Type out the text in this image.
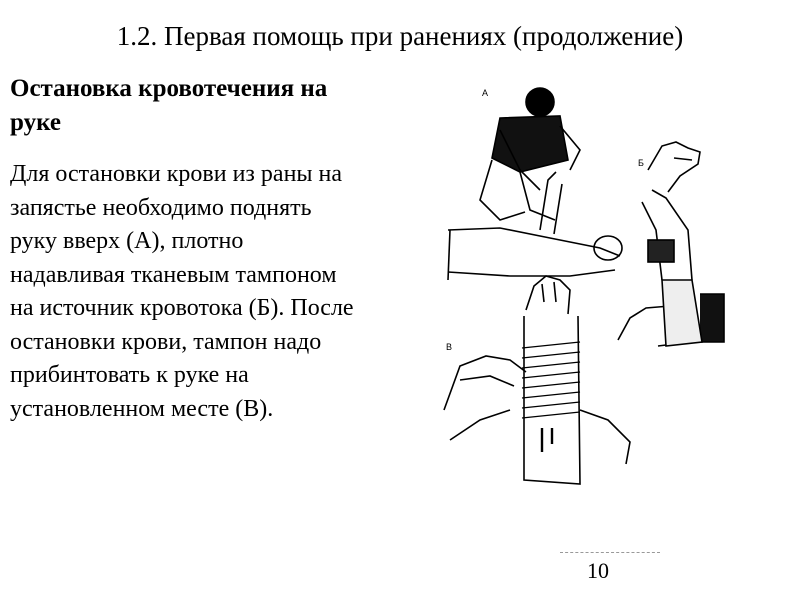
1.2. Первая помощь при ранениях (продолжение)
Остановка кровотечения на руке
Для остановки крови из раны на запястье необходимо поднять руку вверх (А), плотно надавливая тканевым тампоном на источник кровотока (Б). После остановки крови, тампон надо прибинтовать к руке на установленном месте (В).
А
Б
В
10
